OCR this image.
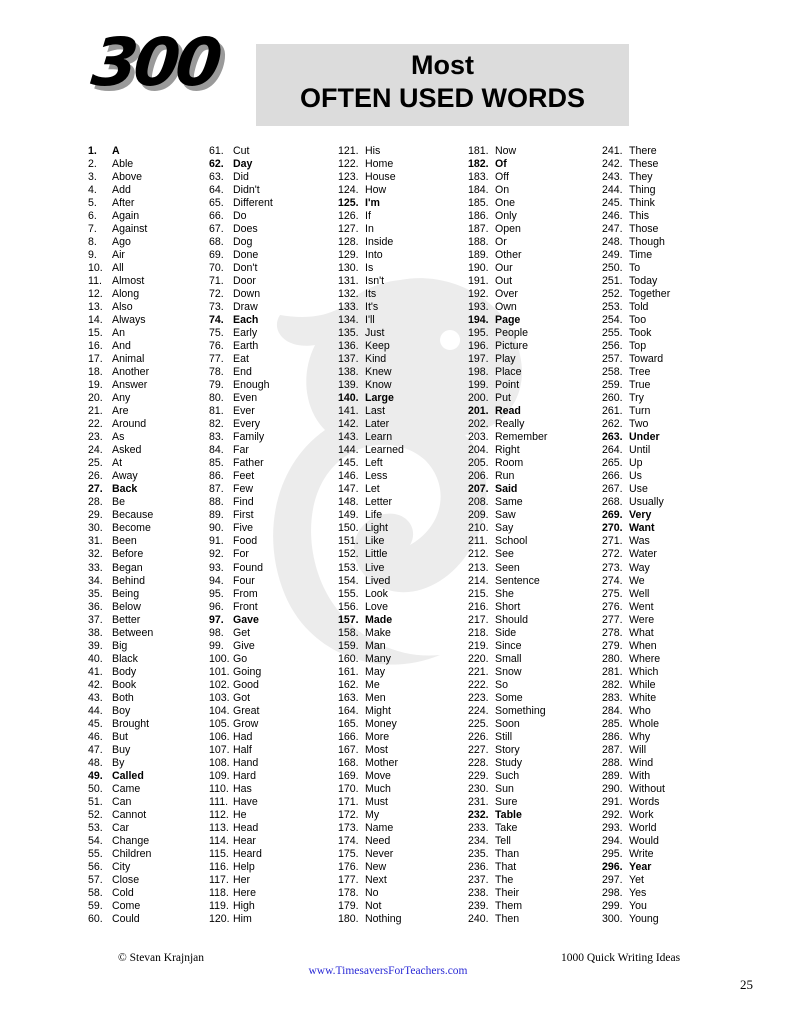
300	Most
OFTEN USED WORDS
1. A
2. Able
3. Above
4. Add
5. After
6. Again
7. Against
8. Ago
9. Air
10. All
11. Almost
12. Along
13. Also
14. Always
15. An
16. And
17. Animal
18. Another
19. Answer
20. Any
21. Are
22. Around
23. As
24. Asked
25. At
26. Away
27. Back
28. Be
29. Because
30. Become
31. Been
32. Before
33. Began
34. Behind
35. Being
36. Below
37. Better
38. Between
39. Big
40. Black
41. Body
42. Book
43. Both
44. Boy
45. Brought
46. But
47. Buy
48. By
49. Called
50. Came
51. Can
52. Cannot
53. Car
54. Change
55. Children
56. City
57. Close
58. Cold
59. Come
60. Could
61. Cut
62. Day
63. Did
64. Didn't
65. Different
66. Do
67. Does
68. Dog
69. Done
70. Don't
71. Door
72. Down
73. Draw
74. Each
75. Early
76. Earth
77. Eat
78. End
79. Enough
80. Even
81. Ever
82. Every
83. Family
84. Far
85. Father
86. Feet
87. Few
88. Find
89. First
90. Five
91. Food
92. For
93. Found
94. Four
95. From
96. Front
97. Gave
98. Get
99. Give
100. Go
101. Going
102. Good
103. Got
104. Great
105. Grow
106. Had
107. Half
108. Hand
109. Hard
110. Has
111. Have
112. He
113. Head
114. Hear
115. Heard
116. Help
117. Her
118. Here
119. High
120. Him
121. His
122. Home
123. House
124. How
125. I'm
126. If
127. In
128. Inside
129. Into
130. Is
131. Isn't
132. Its
133. It's
134. I'll
135. Just
136. Keep
137. Kind
138. Knew
139. Know
140. Large
141. Last
142. Later
143. Learn
144. Learned
145. Left
146. Less
147. Let
148. Letter
149. Life
150. Light
151. Like
152. Little
153. Live
154. Lived
155. Look
156. Love
157. Made
158. Make
159. Man
160. Many
161. May
162. Me
163. Men
164. Might
165. Money
166. More
167. Most
168. Mother
169. Move
170. Much
171. Must
172. My
173. Name
174. Need
175. Never
176. New
177. Next
178. No
179. Not
180. Nothing
181. Now
182. Of
183. Off
184. On
185. One
186. Only
187. Open
188. Or
189. Other
190. Our
191. Out
192. Over
193. Own
194. Page
195. People
196. Picture
197. Play
198. Place
199. Point
200. Put
201. Read
202. Really
203. Remember
204. Right
205. Room
206. Run
207. Said
208. Same
209. Saw
210. Say
211. School
212. See
213. Seen
214. Sentence
215. She
216. Short
217. Should
218. Side
219. Since
220. Small
221. Snow
222. So
223. Some
224. Something
225. Soon
226. Still
227. Story
228. Study
229. Such
230. Sun
231. Sure
232. Table
233. Take
234. Tell
235. Than
236. That
237. The
238. Their
239. Them
240. Then
241. There
242. These
243. They
244. Thing
245. Think
246. This
247. Those
248. Though
249. Time
250. To
251. Today
252. Together
253. Told
254. Too
255. Took
256. Top
257. Toward
258. Tree
259. True
260. Try
261. Turn
262. Two
263. Under
264. Until
265. Up
266. Us
267. Use
268. Usually
269. Very
270. Want
271. Was
272. Water
273. Way
274. We
275. Well
276. Went
277. Were
278. What
279. When
280. Where
281. Which
282. While
283. White
284. Who
285. Whole
286. Why
287. Will
288. Wind
289. With
290. Without
291. Words
292. Work
293. World
294. Would
295. Write
296. Year
297. Yet
298. Yes
299. You
300. Young
© Stevan Krajnjan	1000 Quick Writing Ideas
www.TimesaversForTeachers.com
25
